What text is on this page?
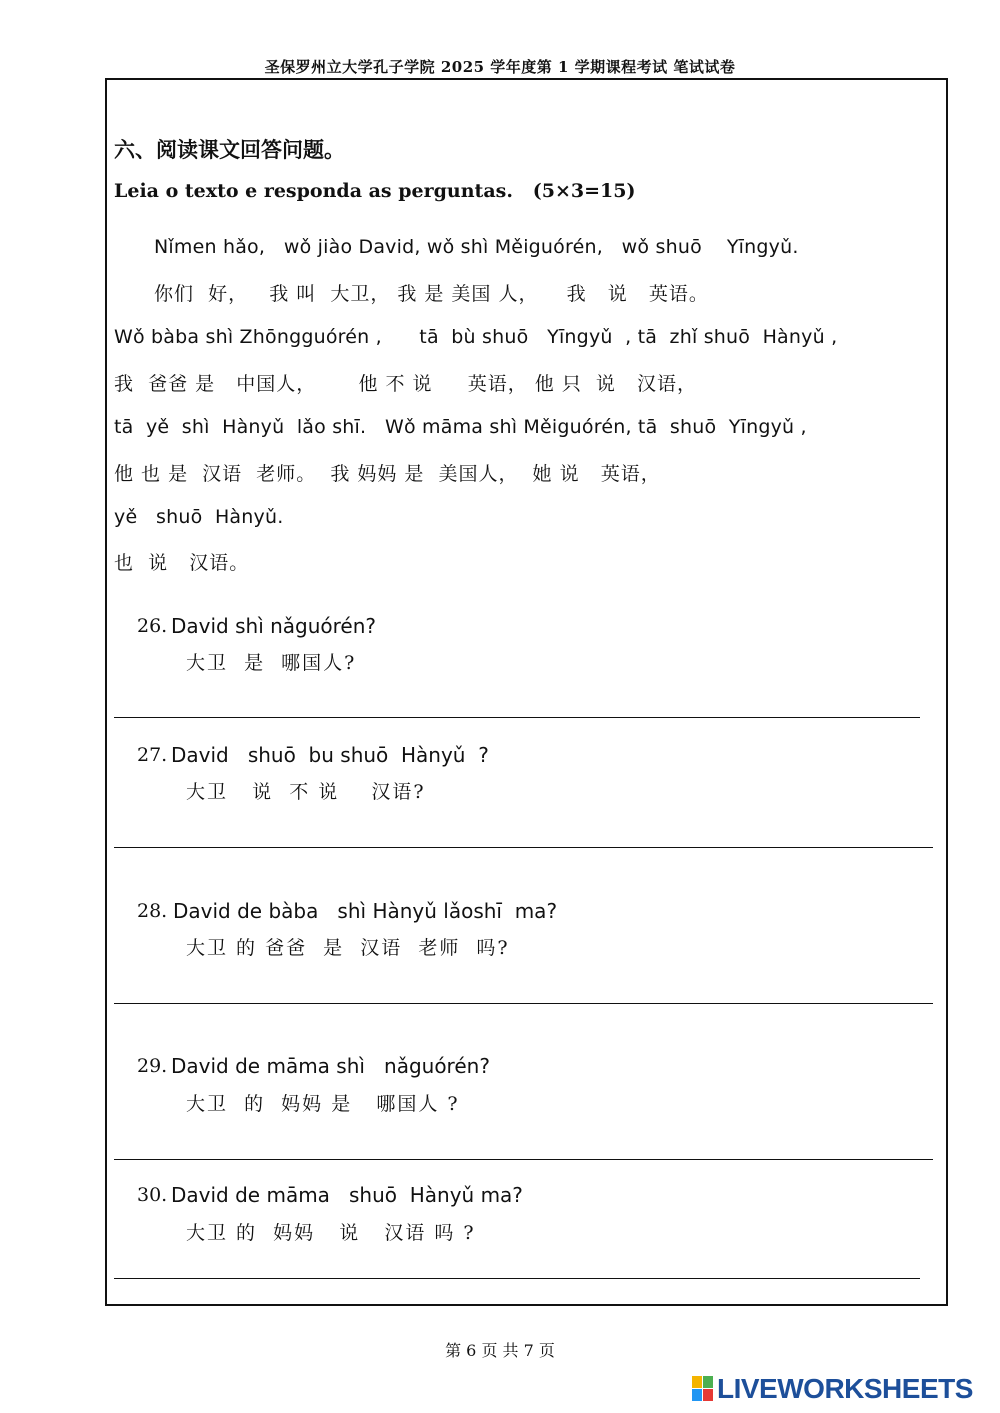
圣保罗州立大学孔子学院 2025 学年度第 1 学期课程考试 笔试试卷
六、阅读课文回答问题。
Leia o texto e responda as perguntas.   (5×3=15)
Nǐmen hǎo,   wǒ jiào David, wǒ shì Měiguórén,   wǒ shuō    Yīngyǔ.
你们  好，   我 叫  大卫， 我 是 美国 人，    我   说   英语。
Wǒ bàba shì Zhōngguórén ,      tā  bù shuō   Yīngyǔ  , tā  zhǐ shuō  Hànyǔ ,
我  爸爸 是   中国人，      他 不 说     英语， 他 只  说   汉语，
tā  yě  shì  Hànyǔ  lǎo shī.   Wǒ māma shì Měiguórén, tā  shuō  Yīngyǔ ,
他 也 是  汉语  老师。  我 妈妈 是  美国人，  她 说   英语，
yě   shuō  Hànyǔ.
也  说   汉语。
26. David shì nǎguórén?
大卫  是  哪国人?
27. David   shuō  bu shuō  Hànyǔ  ?
大卫   说  不 说    汉语?
28. David de bàba   shì Hànyǔ lǎoshī  ma?
大卫 的 爸爸  是  汉语  老师  吗?
29. David de māma shì   nǎguórén?
大卫  的  妈妈 是   哪国人 ?
30. David de māma   shuō  Hànyǔ ma?
大卫 的  妈妈   说   汉语 吗 ?
第 6 页 共 7 页
LIVEWORKSHEETS
